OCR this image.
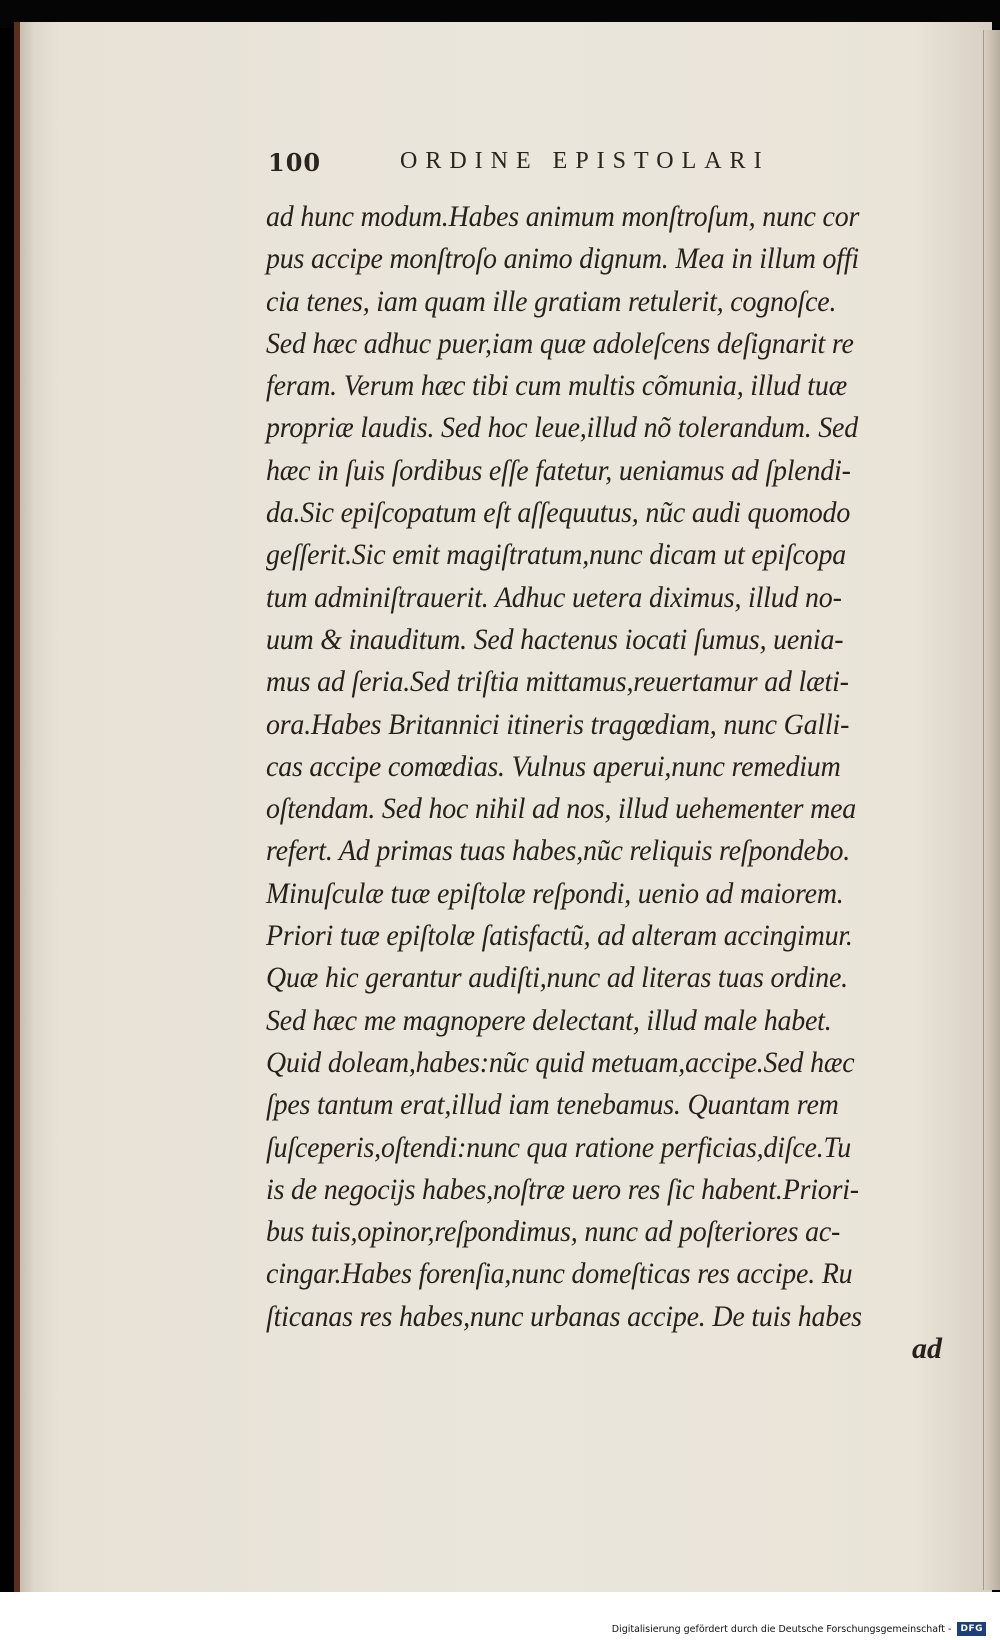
100	ORDINE EPISTOLARI
ad hunc modum.Habes animum monſtroſum, nunc cor
pus accipe monſtroſo animo dignum. Mea in illum offi
cia tenes, iam quam ille gratiam retulerit, cognoſce.
Sed hæc adhuc puer,iam quæ adoleſcens deſignarit re
feram. Verum hæc tibi cum multis cõmunia, illud tuæ
propriæ laudis. Sed hoc leue,illud nõ tolerandum. Sed
hæc in ſuis ſordibus eſſe fatetur, ueniamus ad ſplendi-
da.Sic epiſcopatum eſt aſſequutus, nũc audi quomodo
geſſerit.Sic emit magiſtratum,nunc dicam ut epiſcopa
tum adminiſtrauerit. Adhuc uetera diximus, illud no-
uum & inauditum. Sed hactenus iocati ſumus, uenia-
mus ad ſeria.Sed triſtia mittamus,reuertamur ad læti-
ora.Habes Britannici itineris tragœdiam, nunc Galli-
cas accipe comœdias. Vulnus aperui,nunc remedium
oſtendam. Sed hoc nihil ad nos, illud uehementer mea
refert. Ad primas tuas habes,nũc reliquis reſpondebo.
Minuſculæ tuæ epiſtolæ reſpondi, uenio ad maiorem.
Priori tuæ epiſtolæ ſatisfactũ, ad alteram accingimur.
Quæ hic gerantur audiſti,nunc ad literas tuas ordine.
Sed hæc me magnopere delectant, illud male habet.
Quid doleam,habes:nũc quid metuam,accipe.Sed hæc
ſpes tantum erat,illud iam tenebamus. Quantam rem
ſuſceperis,oſtendi:nunc qua ratione perficias,diſce.Tu
is de negocijs habes,noſtræ uero res ſic habent.Priori-
bus tuis,opinor,reſpondimus, nunc ad poſteriores ac-
cingar.Habes forenſia,nunc domeſticas res accipe. Ru
ſticanas res habes,nunc urbanas accipe. De tuis habes
ad
Digitalisierung gefördert durch die Deutsche Forschungsgemeinschaft -	DFG
